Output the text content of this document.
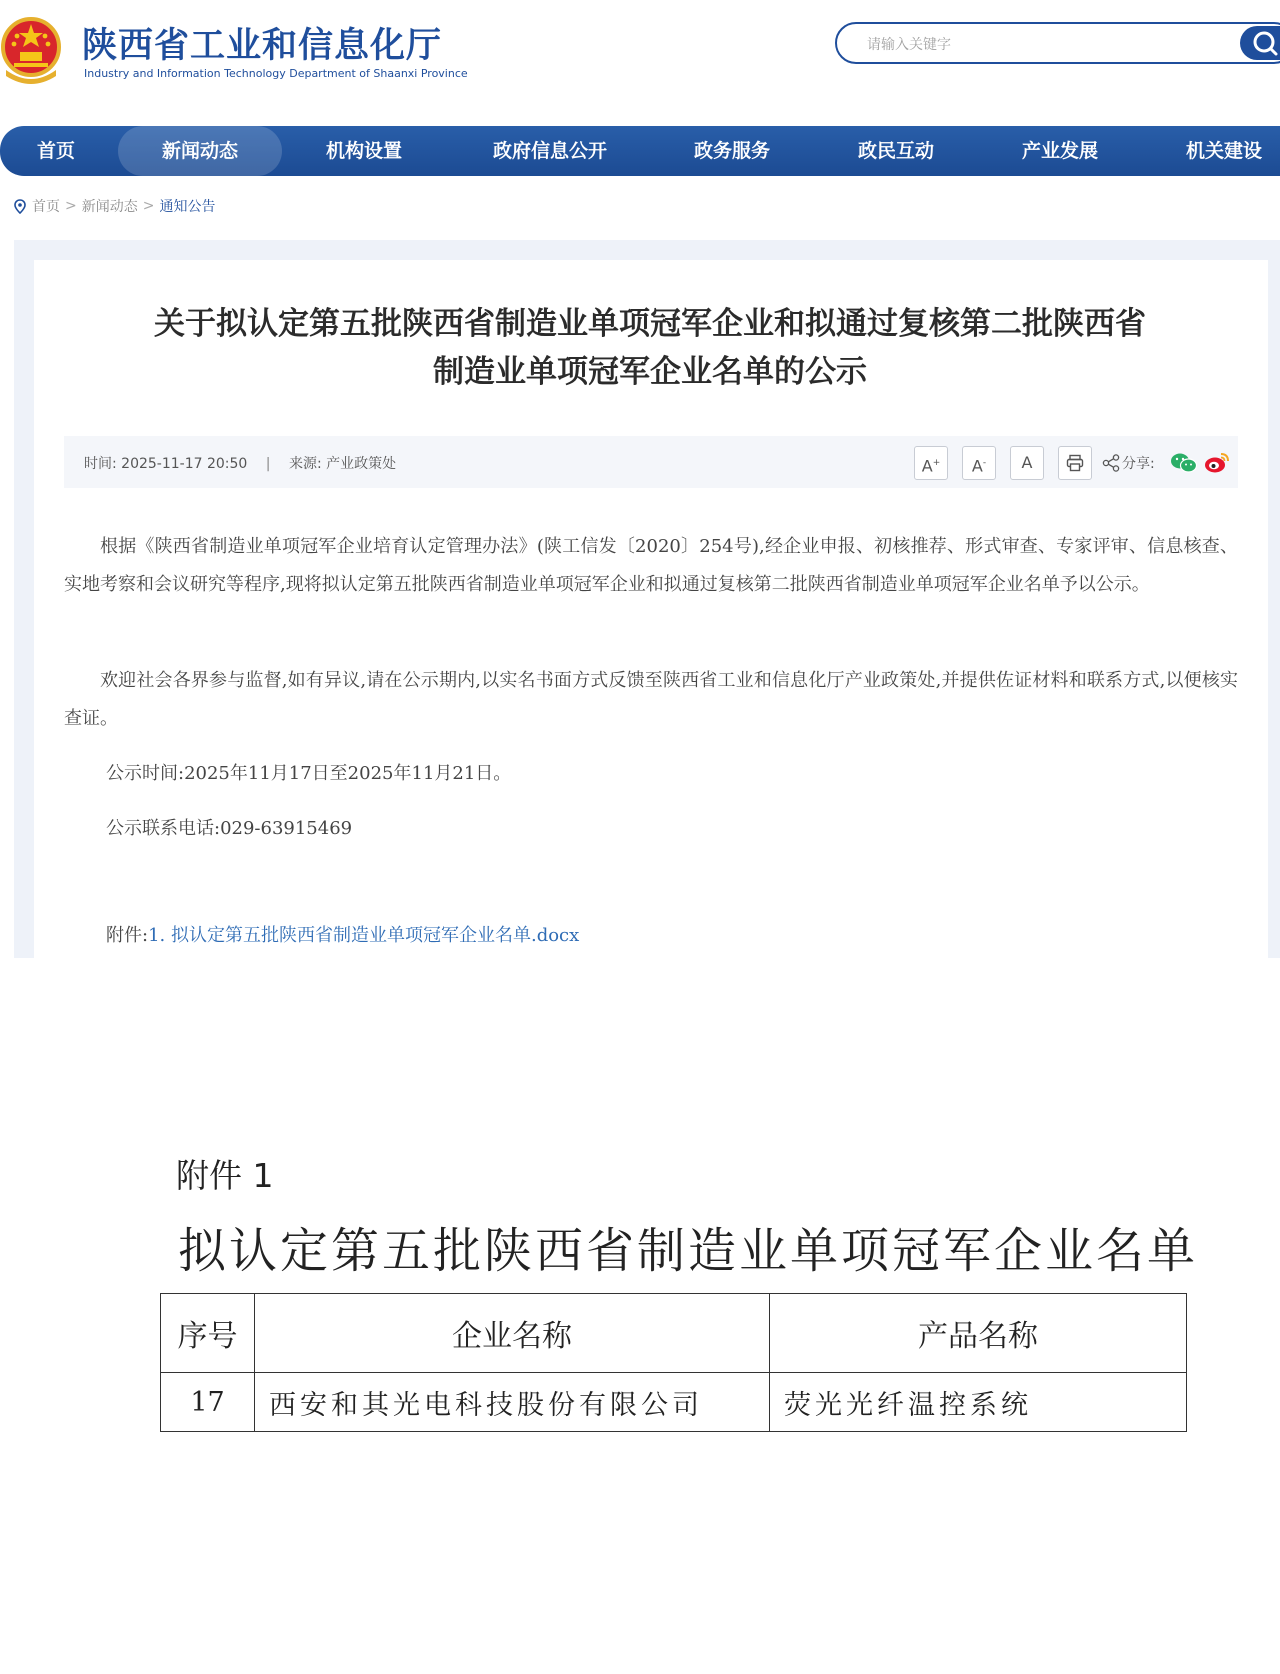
陕西省工业和信息化厅
Industry and Information Technology Department of Shaanxi Province
请输入关键字
首页	新闻动态	机构设置	政府信息公开	政务服务	政民互动	产业发展	机关建设
首页 > 新闻动态 > 通知公告
关于拟认定第五批陕西省制造业单项冠军企业和拟通过复核第二批陕西省
制造业单项冠军企业名单的公示
时间: 2025-11-17 20:50 | 来源: 产业政策处	A+	A-	A	分享:
根据《陕西省制造业单项冠军企业培育认定管理办法》(陕工信发〔2020〕254号),经企业申报、初核推荐、形式审查、专家评审、信息核查、实地考察和会议研究等程序,现将拟认定第五批陕西省制造业单项冠军企业和拟通过复核第二批陕西省制造业单项冠军企业名单予以公示。
欢迎社会各界参与监督,如有异议,请在公示期内,以实名书面方式反馈至陕西省工业和信息化厅产业政策处,并提供佐证材料和联系方式,以便核实查证。
公示时间:2025年11月17日至2025年11月21日。
公示联系电话:029-63915469
附件:1. 拟认定第五批陕西省制造业单项冠军企业名单.docx
附件 1
拟认定第五批陕西省制造业单项冠军企业名单
序号	企业名称	产品名称
17	西安和其光电科技股份有限公司	荧光光纤温控系统
